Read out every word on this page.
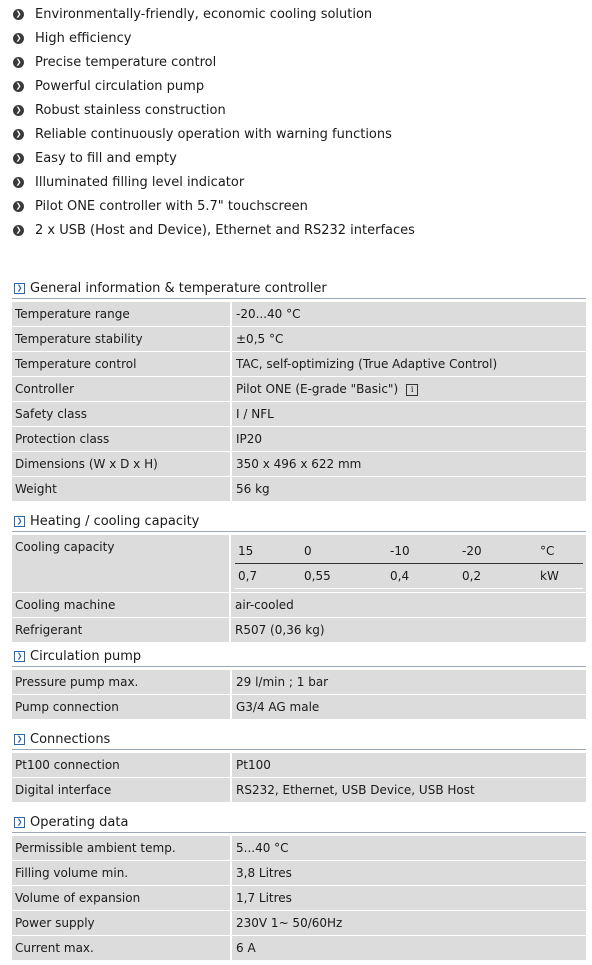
❯ Environmentally-friendly, economic cooling solution
❯ High efficiency
❯ Precise temperature control
❯ Powerful circulation pump
❯ Robust stainless construction
❯ Reliable continuously operation with warning functions
❯ Easy to fill and empty
❯ Illuminated filling level indicator
❯ Pilot ONE controller with 5.7" touchscreen
❯ 2 x USB (Host and Device), Ethernet and RS232 interfaces
❯ General information & temperature controller
Temperature range	-20...40 °C
Temperature stability	±0,5 °C
Temperature control	TAC, self-optimizing (True Adaptive Control)
Controller	Pilot ONE (E-grade "Basic") i
Safety class	I / NFL
Protection class	IP20
Dimensions (W x D x H)	350 x 496 x 622 mm
Weight	56 kg
❯ Heating / cooling capacity
Cooling capacity		15	0	-10	-20	°C
0,7	0,55	0,4	0,2	kW

Cooling machine	air-cooled
Refrigerant	R507 (0,36 kg)
❯ Circulation pump
Pressure pump max.	29 l/min ; 1 bar
Pump connection	G3/4 AG male
❯ Connections
Pt100 connection	Pt100
Digital interface	RS232, Ethernet, USB Device, USB Host
❯ Operating data
Permissible ambient temp.	5...40 °C
Filling volume min.	3,8 Litres
Volume of expansion	1,7 Litres
Power supply	230V 1~ 50/60Hz
Current max.	6 A
